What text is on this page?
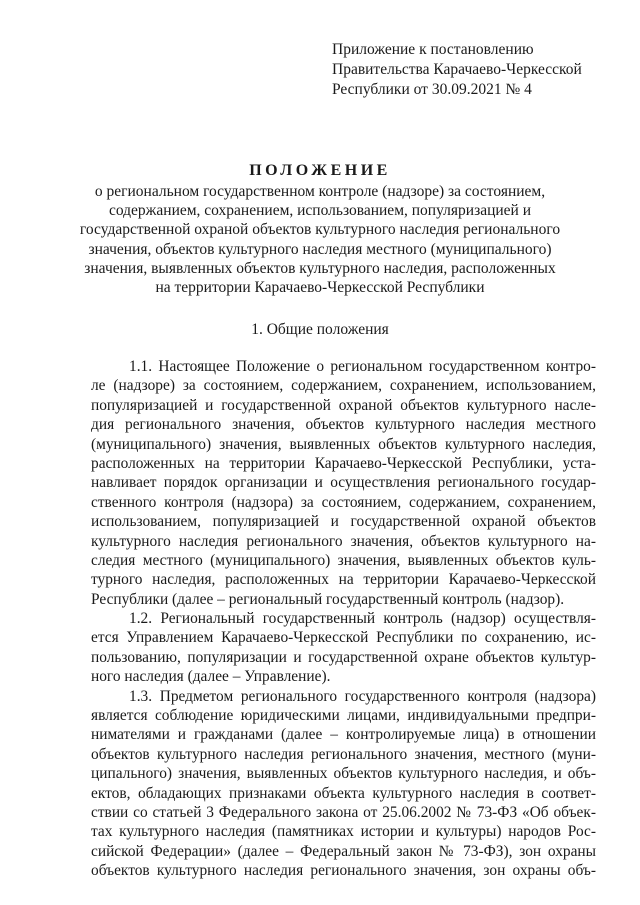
Приложение к постановлению
Правительства Карачаево-Черкесской
Республики от 30.09.2021 № 4
ПОЛОЖЕНИЕ
о региональном государственном контроле (надзоре) за состоянием,
содержанием, сохранением, использованием, популяризацией и
государственной охраной объектов культурного наследия регионального
значения, объектов культурного наследия местного (муниципального)
значения, выявленных объектов культурного наследия, расположенных
на территории Карачаево-Черкесской Республики
1. Общие положения
1.1. Настоящее Положение о региональном государственном контро-
ле (надзоре) за состоянием, содержанием, сохранением, использованием,
популяризацией и государственной охраной объектов культурного насле-
дия регионального значения, объектов культурного наследия местного
(муниципального) значения, выявленных объектов культурного наследия,
расположенных на территории Карачаево-Черкесской Республики, уста-
навливает порядок организации и осуществления регионального государ-
ственного контроля (надзора) за состоянием, содержанием, сохранением,
использованием, популяризацией и государственной охраной объектов
культурного наследия регионального значения, объектов культурного на-
следия местного (муниципального) значения, выявленных объектов куль-
турного наследия, расположенных на территории Карачаево-Черкесской
Республики (далее – региональный государственный контроль (надзор).
1.2. Региональный государственный контроль (надзор) осуществля-
ется Управлением Карачаево-Черкесской Республики по сохранению, ис-
пользованию, популяризации и государственной охране объектов культур-
ного наследия (далее – Управление).
1.3. Предметом регионального государственного контроля (надзора)
является соблюдение юридическими лицами, индивидуальными предпри-
нимателями и гражданами (далее – контролируемые лица) в отношении
объектов культурного наследия регионального значения, местного (муни-
ципального) значения, выявленных объектов культурного наследия, и объ-
ектов, обладающих признаками объекта культурного наследия в соответ-
ствии со статьей 3 Федерального закона от 25.06.2002 № 73-ФЗ «Об объек-
тах культурного наследия (памятниках истории и культуры) народов Рос-
сийской Федерации» (далее – Федеральный закон № 73-ФЗ), зон охраны
объектов культурного наследия регионального значения, зон охраны объ-
